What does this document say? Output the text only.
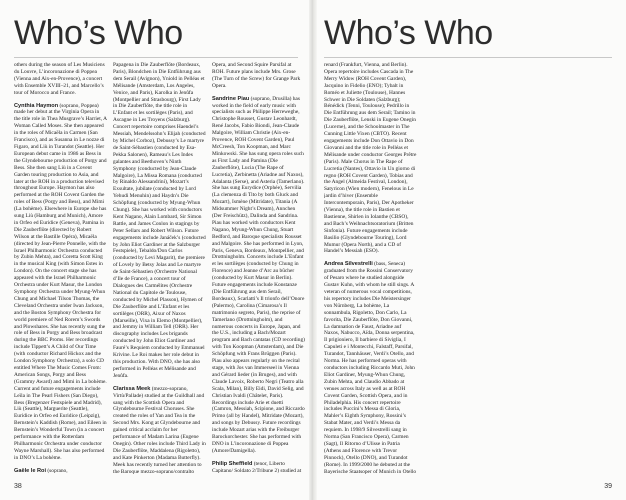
Who’s Who

others during the season of Les Musiciens du Louvre, L’incoronazione di Poppea (Vienna and Aix-en-Provence), a concert with Ensemble XVIII–21, and Marcello’s tour of Morocco and France.

Cynthia Haymon (soprano, Poppea) made her debut at the Virginia Opera in the title role in Thea Musgrave’s Harriet, A Woman Called Moses. She then appeared in the roles of Micaëla in Carmen (San Francisco), and as Susanna in Le nozze di Figaro, and Liù in Turandot (Seattle). Her European debut came in 1986 as Bess in the Glyndebourne production of Porgy and Bess. She then sang Liù in a Covent Garden touring production to Asia, and later at the ROH in a production televised throughout Europe. Haymon has also performed at the ROH Covent Garden the roles of Bess (Porgy and Bess), and Mimi (La bohème). Elsewhere in Europe she has sung Liù (Hamburg and Munich), Amore in Orfeo ed Euridice (Geneva), Pamina in Die Zauberflöte (directed by Robert Wilson at the Bastille Opéra), Micaëla (directed by Jean-Pierre Ponnelle, with the Israel Philharmonic Orchestra conducted by Zubin Mehta), and Coretta Scott King in the musical King (with Simon Estes in London). On the concert stage she has appeared with the Israel Philharmonic Orchestra under Kurt Masur, the London Symphony Orchestra under Myung-Whun Chung and Michael Tilson Thomas, the Cleveland Orchestra under Iwan Jackson, and the Boston Symphony Orchestra for world premiere of Ned Rorem’s Swords and Plowshares. She has recently sung the role of Bess in Porgy and Bess broadcast during the BBC Proms. Her recordings include Tippett’s A Child of Our Time (with conductor Richard Hickox and the London Symphony Orchestra), a solo CD entitled Where The Music Comes From: American Songs, Porgy and Bess (Grammy Award) and Mimi in La bohème. Current and future engagements include Leïla in The Pearl Fishers (San Diego), Bess (Bregenzer Festspiele and Madrid), Liù (Seattle), Marguerite (Seattle), Euridice in Orfeo ed Euridice (Leipzig), Bernstein’s Kaddish (Rome), and Eileen in Bernstein’s Wonderful Town (in a concert performance with the Rotterdam Philharmonic Orchestra under conductor Wayne Marshall). She has also performed in DNO’s La bohème.

Gaële le Roi (soprano,

Papagena in Die Zauberflöte (Bordeaux, Paris), Blondchen in Die Entführung aus dem Serail (Avignon), Yniold in Pelléas et Mélisande (Amsterdam, Los Angeles, Venice, and Paris), Karolka in Jenůfa (Montpellier and Strasbourg), First Lady in Die Zauberflöte, the title role in L’Enfant et les sortilèges (Paris), and Ascagne in Les Troyens (Salzburg). Concert repertoire comprises Haendel’s Messiah, Mendelssohn’s Elijah (conducted by Michel Corboz), Debussy’s Le martyre de Saint-Sébastien (conducted by Esa-Pekka Salonen), Rameau’s Les Indes galantes and Beethoven’s Ninth Symphony (conducted by Jean-Claude Malgoire), La Missa Romana (conducted by Rinaldo Alessandrini), Mozart’s Exsultate, jubilate (conducted by Lord Yehudi Menuhin) and Haydn’s Die Schöpfung (conducted by Myung-Whun Chung). She has worked with conductors Kent Nagano, Alain Lombard, Sir Simon Rattle, and James Conlon in stagings by Peter Sellars and Robert Wilson. Future engagements include Janáček’s (conducted by John Eliot Gardiner at the Salzburger Festspiele), Tebaldo/Don Carlos (conducted by Levi Magarit), the premiere of Lovely by Betsy Jolas and Le martyre de Saint-Sébastien (Orchestre National d’Ile de France), a concert tour of Dialogues des Carmélites (Orchestre National du Capitole de Toulouse, conducted by Michel Plasson), Hymen of Die Zauberflöte and L’Enfant et les sortilèges (ORR), Aixur of Naxos (Marseille), Vixa in Elemo (Montpellier), and Jemmy in William Tell (ORR). Her discography includes Les brigands conducted by John Eliot Gardiner and Fauré’s Requiem conducted by Emmanuel Krivine. Le Roi makes her role debut in this production. With DNO, she has also performed in Pelléas et Mélisande and Jenůfa.

Clarissa Meek (mezzo-soprano, Virtù/Pallade) studied at the Guildhall and sang with the Scottish Opera and Glyndebourne Festival Choruses. She created the roles of Yan and Tea in the Second Mrs. Kong at Glyndebourne and gained critical acclaim for her performance of Madam Larina (Eugene Onegin). Other roles include Third Lady in Die Zauberflöte, Maddalena (Rigoletto), and Kate Pinkerton (Madama Butterfly). Meek has recently turned her attention to the Baroque mezzo-soprano/contralto

Opera, and Second Squire Parsifal at ROH. Future plans include Mrs. Grose (The Turn of the Screw) for Grange Park Opera.

Sandrine Piau (soprano, Drusilla) has worked in the field of early music with specialists such as Philippe Herreweghe, Christophe Rousset, Gustav Leonhardt, René Jacobs, Fabio Biondi, Jean-Claude Malgoire, William Christie (Aix-en-Provence, ROH Covent Garden), Paul McCreesh, Ton Koopman, and Marc Minkowski. She has sung opera roles such as First Lady and Pamina (Die Zauberflöte), Lucia (The Rape of Lucretia), Zerbinetta (Ariadne auf Naxos), Adalanta (Serse), and Asteria (Tamerlano). She has sung Eurydice (Orphée), Servilia (La clemenza di Tito by both Gluck and Mozart), Ismène (Mitridate), Titania (A Midsummer Night’s Dream), Annchen (Der Freischütz), Dalinda and Sandrina. Piau has worked with conductors Kent Nagano, Myung-Whun Chung, Stuart Bedford, and Baroque specialists Rousset and Malgoire. She has performed in Lyon, Paris, Geneva, Bordeaux, Montpellier, and Drottningholm. Concerts include L’Enfant et les sortilèges (conducted by Chung in Florence) and Jeanne d’Arc au bûcher (conducted by Kurt Masur in Berlin). Future engagements include Konstanze (Die Entführung aus dem Serail, Bordeaux), Scarlatti’s Il trionfo dell’Onore (Palermo), Carolina (Cimarosa’s Il matrimonio segreto, Paris), the reprise of Tamerlano (Drottningholm), and numerous concerts in Europe, Japan, and the U.S., including a Bach/Mozart program and Bach cantatas (CD recording) with Ton Koopman (Amsterdam), and Die Schöpfung with Frans Brüggen (Paris). Piau also appears regularly on the recital stage, with Jos van Immerseel in Vienna and Gérard lieder (in Bruges), and with Claude Lavoix, Roberto Negri (Teatro alla Scala, Milan), Billy Eidi, David Selig, and Christian Ivaldi (Châtelet, Paris). Recordings include Arie et duetti (Camron, Messiah, Scipione, and Riccardo Primo (all by Handel), Mitridate (Mozart), and songs by Debussy. Future recordings include Mozart arias with the Freiburger Barockorchester. She has performed with DNO in L’incoronazione di Poppea (Amore/Damigella).

Philip Sheffield (tenor, Liberto Capitano/ Soldato 2/Tribune 2) studied at

38
Who’s Who

renard (Frankfurt, Vienna, and Berlin). Opera repertoire includes Cascada in The Merry Widow (ROH Covent Garden), Jacquino in Fidelio (ENO); Tybalt in Roméo et Juliette (Toulouse), Hannes Schwer in Die Soldaten (Salzburg); Bénédick (Tenni, Toulouse); Pedrillo in Die Entführung aus dem Serail; Tamino in Die Zauberflöte, Lenski in Eugene Onegin (Lucerne), and the Schoolmaster in The Cunning Little Vixen (CBTO). Recent engagements include Don Ottavio in Don Giovanni and the title role in Pelléas et Mélisande under conductor Georges Prêtre (Paris). Male Chorus in The Rape of Lucretia (Nantes), Ottavio in Un giorno di regno (ROH Covent Garden), Tobias and the Angel (Almeida Festival, London), Satyricon (Wien modern), Fenelous in Le jardin d’hiver (Ensemble Intercontemporain, Paris), Der Apotheker (Vienna), the title role in Bastien et Bastienne, Shirlen in Iolanthe (CBSO), and Bach’s Weihnachtsoratorium (Britten Sinfonia). Future engagements include Basilio (Glyndebourne Touring), Lord Mumur (Opera North), and a CD of Handel’s Messiah (ESO).

Andrea Silvestrelli (bass, Seneca) graduated from the Rossini Conservatory of Pesaro where he studied alongside Gustav Kuhn, with whom he still sings. A veteran of numerous vocal competitions, his repertory includes Die Meistersinger von Nürnberg, La bohème, La sonnambula, Rigoletto, Don Carlo, La favorita, Die Zauberflöte, Don Giovanni, La damnation de Faust, Ariadne auf Naxos, Nabucco, Aïda, Donna serpentina, Il prigioniero, Il barbiere di Siviglia, I Capuleti e i Montecchi, Falstaff, Parsifal, Turandot, Tannhäuser, Verdi’s Otello, and Norma. He has performed operas with conductors including Riccardo Muti, John Eliot Gardiner, Myung-Whun Chung, Zubin Mehta, and Claudio Abbado at venues across Italy as well as at ROH Covent Garden, Scottish Opera, and in Philadelphia. His concert repertoire includes Puccini’s Messa di Gloria, Mahler’s Eighth Symphony, Rossini’s Stabat Mater, and Verdi’s Messa da requiem. In 1998/9 Silvestrelli sang in Norma (San Francisco Opera), Carmen (Sagt), Il Ritorno d’Ulisse in Patria (Athens and Florence with Trevor Pinnock), Otello (DNO), and Turandot (Rome). In 1999/2000 he debuted at the Bayerische Staatsoper of Munich in Otello

39
